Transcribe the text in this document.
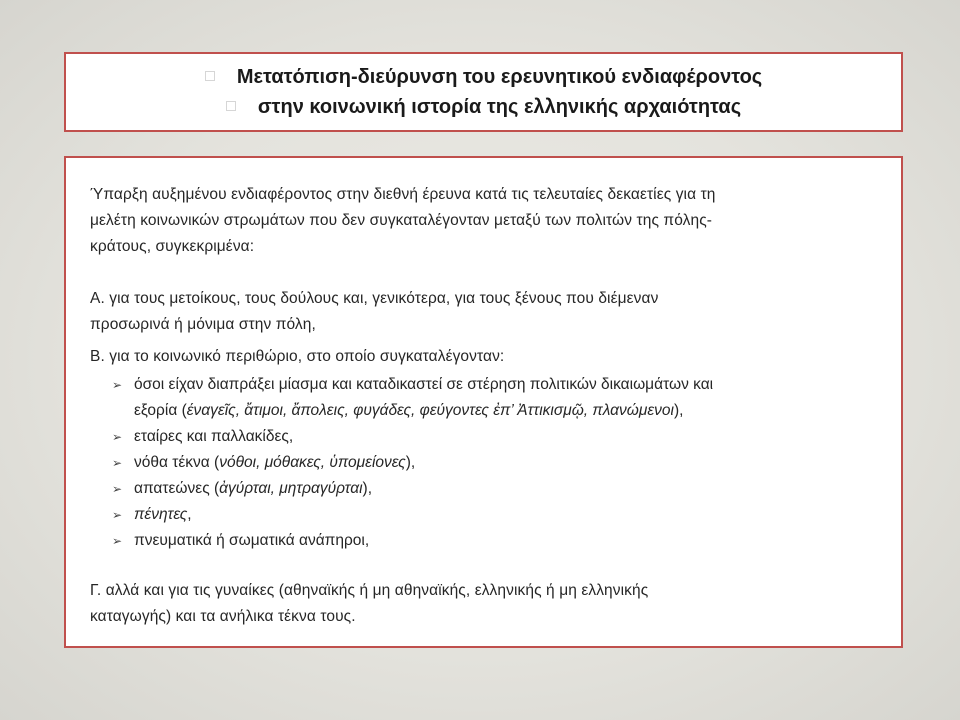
Μετατόπιση-διεύρυνση του ερευνητικού ενδιαφέροντος
στην κοινωνική ιστορία της ελληνικής αρχαιότητας
Ύπαρξη αυξημένου ενδιαφέροντος στην διεθνή έρευνα κατά τις τελευταίες δεκαετίες για τη
μελέτη κοινωνικών στρωμάτων που δεν συγκαταλέγονταν μεταξύ των πολιτών της πόλης-
κράτους, συγκεκριμένα:
Α. για τους μετοίκους, τους δούλους και, γενικότερα, για τους ξένους που διέμεναν
προσωρινά ή μόνιμα στην πόλη,
Β. για το κοινωνικό περιθώριο, στο οποίο συγκαταλέγονταν:
➢ όσοι είχαν διαπράξει μίασμα και καταδικαστεί σε στέρηση πολιτικών δικαιωμάτων και
εξορία (έναγεῖς, ἄτιμοι, ἄπολεις, φυγάδες, φεύγοντες ἐπ’ Ἀττικισμῷ, πλανώμενοι),
➢ εταίρες και παλλακίδες,
➢ νόθα τέκνα (νόθοι, μόθακες, ὑπομείονες),
➢ απατεώνες (ἀγύρται, μητραγύρται),
➢ πένητες,
➢ πνευματικά ή σωματικά ανάπηροι,
Γ. αλλά και για τις γυναίκες (αθηναϊκής ή μη αθηναϊκής, ελληνικής ή μη ελληνικής
καταγωγής) και τα ανήλικα τέκνα τους.
